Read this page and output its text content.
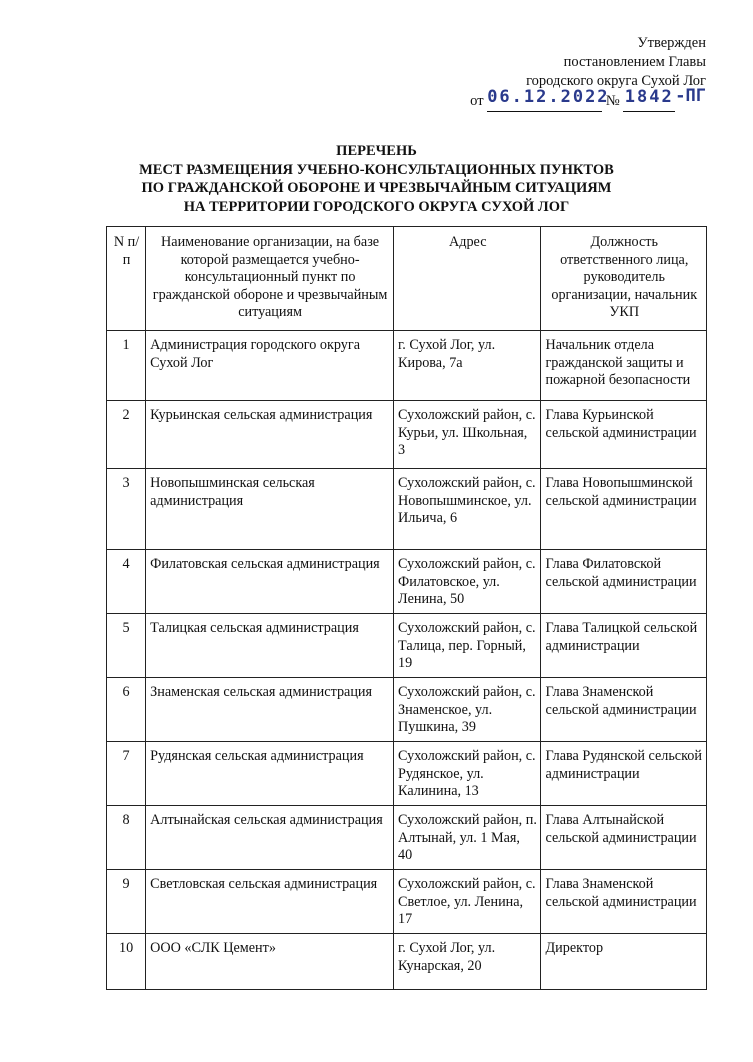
Утвержден
постановлением Главы
городского округа Сухой Лог
от 06.12.2022 № 1842-ПГ
ПЕРЕЧЕНЬ
МЕСТ РАЗМЕЩЕНИЯ УЧЕБНО-КОНСУЛЬТАЦИОННЫХ ПУНКТОВ
ПО ГРАЖДАНСКОЙ ОБОРОНЕ И ЧРЕЗВЫЧАЙНЫМ СИТУАЦИЯМ
НА ТЕРРИТОРИИ ГОРОДСКОГО ОКРУГА СУХОЙ ЛОГ
N п/п	Наименование организации, на базе которой размещается учебно-консультационный пункт по гражданской обороне и чрезвычайным ситуациям	Адрес	Должность ответственного лица, руководитель организации, начальник УКП
1	Администрация городского округа Сухой Лог	г. Сухой Лог, ул. Кирова, 7а	Начальник отдела гражданской защиты и пожарной безопасности
2	Курьинская сельская администрация	Сухоложский район, с. Курьи, ул. Школьная, 3	Глава Курьинской сельской администрации
3	Новопышминская сельская администрация	Сухоложский район, с. Новопышминское, ул. Ильича, 6	Глава Новопышминской сельской администрации
4	Филатовская сельская администрация	Сухоложский район, с. Филатовское, ул. Ленина, 50	Глава Филатовской сельской администрации
5	Талицкая сельская администрация	Сухоложский район, с. Талица, пер. Горный, 19	Глава Талицкой сельской администрации
6	Знаменская сельская администрация	Сухоложский район, с. Знаменское, ул. Пушкина, 39	Глава Знаменской сельской администрации
7	Рудянская сельская администрация	Сухоложский район, с. Рудянское, ул. Калинина, 13	Глава Рудянской сельской администрации
8	Алтынайская сельская администрация	Сухоложский район, п. Алтынай, ул. 1 Мая, 40	Глава Алтынайской сельской администрации
9	Светловская сельская администрация	Сухоложский район, с. Светлое, ул. Ленина, 17	Глава Знаменской сельской администрации
10	ООО «СЛК Цемент»	г. Сухой Лог, ул. Кунарская, 20	Директор
